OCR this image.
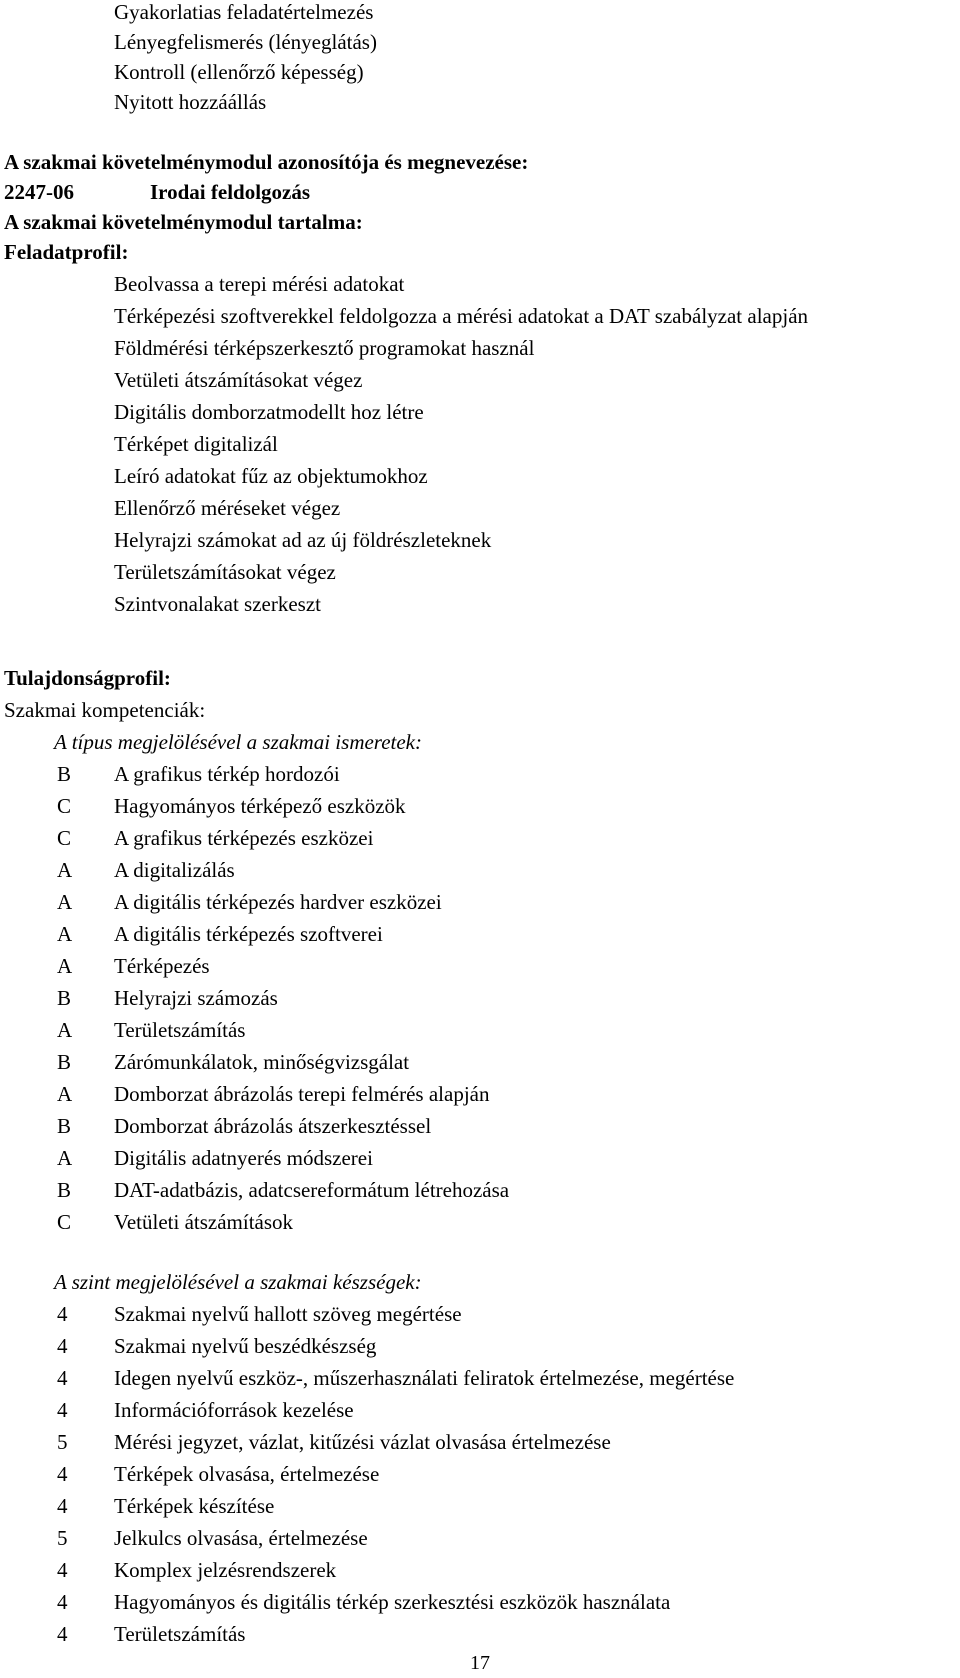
Gyakorlatias feladatértelmezés
Lényegfelismerés (lényeglátás)
Kontroll (ellenőrző képesség)
Nyitott hozzáállás
A szakmai követelménymodul azonosítója és megnevezése:
2247-06	Irodai feldolgozás
A szakmai követelménymodul tartalma:
Feladatprofil:
Beolvassa a terepi mérési adatokat
Térképezési szoftverekkel feldolgozza a mérési adatokat a DAT szabályzat alapján
Földmérési térképszerkesztő programokat használ
Vetületi átszámításokat végez
Digitális domborzatmodellt hoz létre
Térképet digitalizál
Leíró adatokat fűz az objektumokhoz
Ellenőrző méréseket végez
Helyrajzi számokat ad az új földrészleteknek
Területszámításokat végez
Szintvonalakat szerkeszt
Tulajdonságprofil:
Szakmai kompetenciák:
A típus megjelölésével a szakmai ismeretek:
B	A grafikus térkép hordozói
C	Hagyományos térképező eszközök
C	A grafikus térképezés eszközei
A	A digitalizálás
A	A digitális térképezés hardver eszközei
A	A digitális térképezés szoftverei
A	Térképezés
B	Helyrajzi számozás
A	Területszámítás
B	Zárómunkálatok, minőségvizsgálat
A	Domborzat ábrázolás terepi felmérés alapján
B	Domborzat ábrázolás átszerkesztéssel
A	Digitális adatnyerés módszerei
B	DAT-adatbázis, adatcsereformátum létrehozása
C	Vetületi átszámítások
A szint megjelölésével a szakmai készségek:
4	Szakmai nyelvű hallott szöveg megértése
4	Szakmai nyelvű beszédkészség
4	Idegen nyelvű eszköz-, műszerhasználati feliratok értelmezése, megértése
4	Információforrások kezelése
5	Mérési jegyzet, vázlat, kitűzési vázlat olvasása értelmezése
4	Térképek olvasása, értelmezése
4	Térképek készítése
5	Jelkulcs olvasása, értelmezése
4	Komplex jelzésrendszerek
4	Hagyományos és digitális térkép szerkesztési eszközök használata
4	Területszámítás
17
